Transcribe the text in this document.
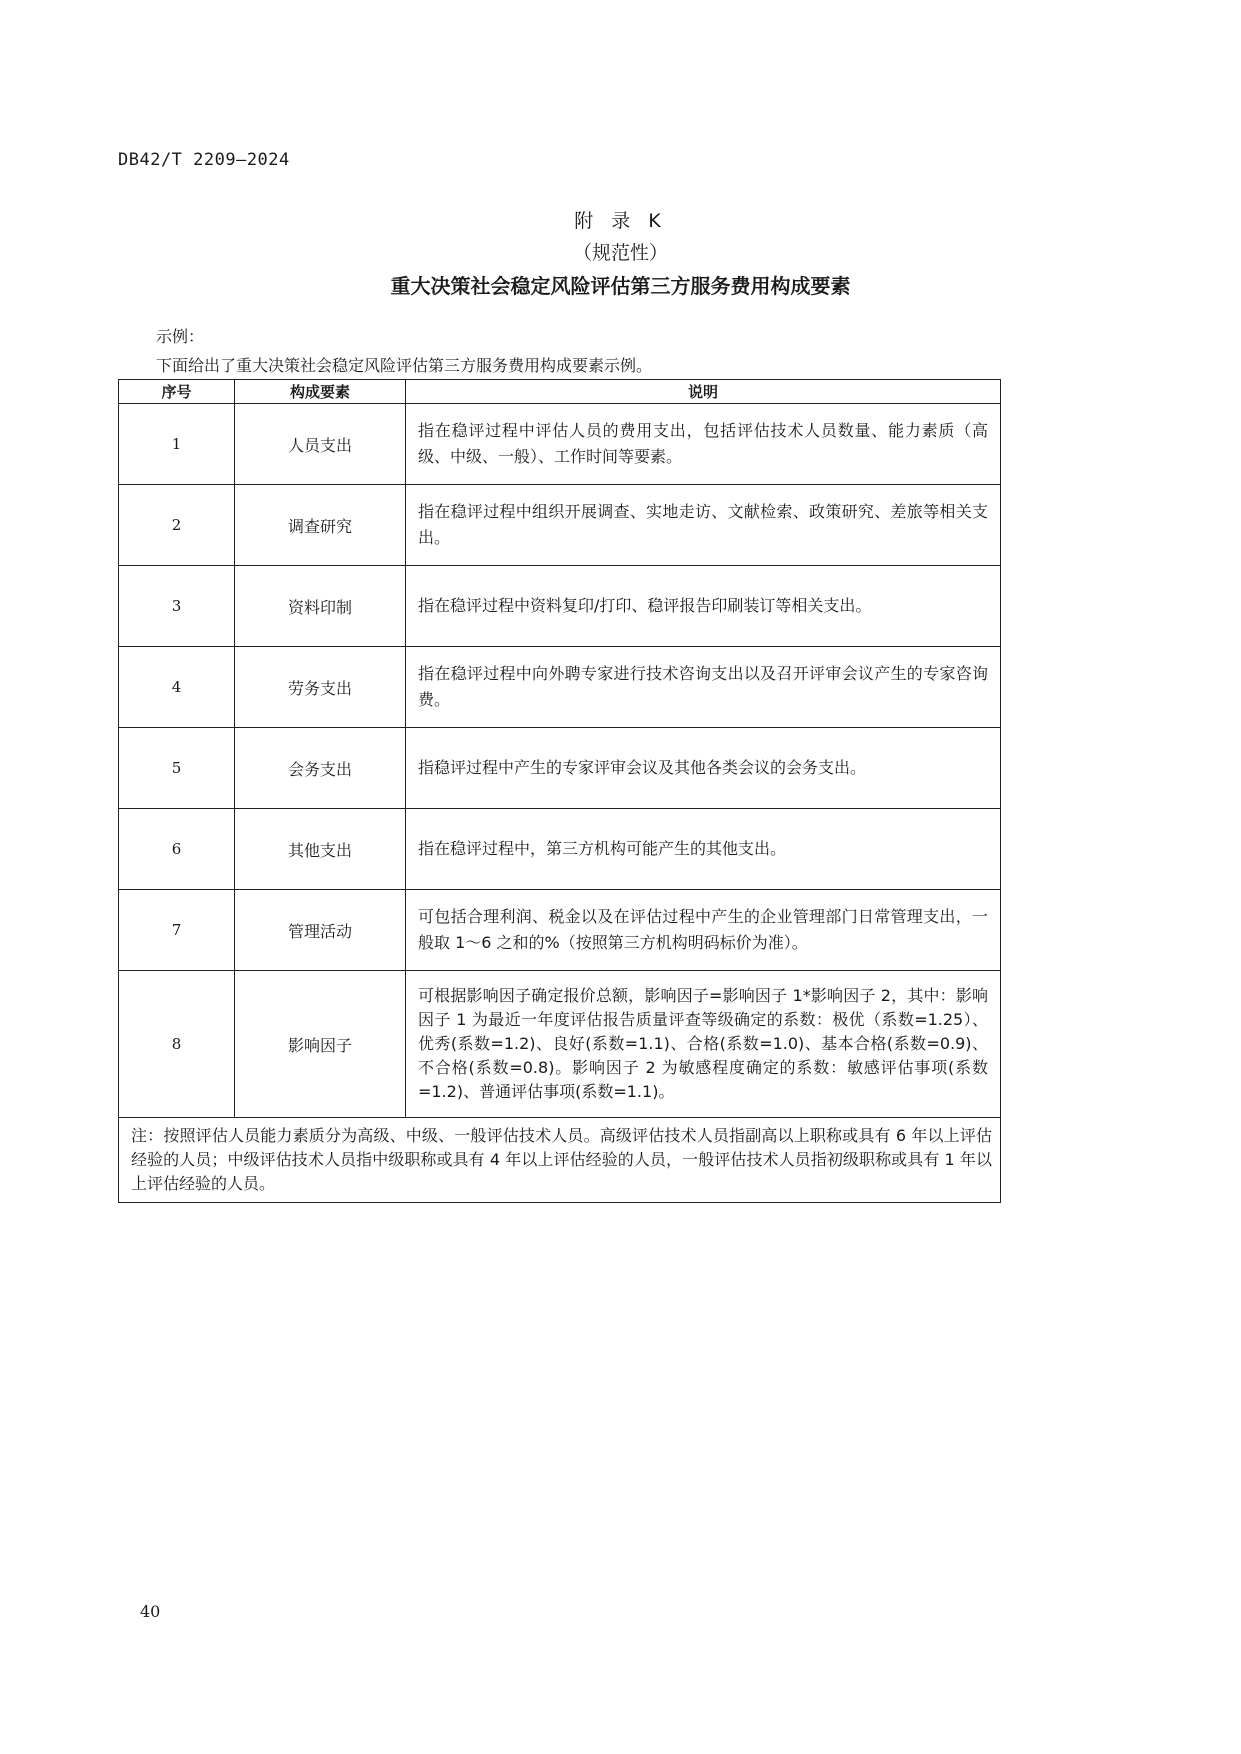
DB42/T 2209—2024
附 录 K
（规范性）
重大决策社会稳定风险评估第三方服务费用构成要素
示例：
下面给出了重大决策社会稳定风险评估第三方服务费用构成要素示例。
序号	构成要素	说明
1	人员支出	指在稳评过程中评估人员的费用支出，包括评估技术人员数量、能力素质（高级、中级、一般）、工作时间等要素。
2	调查研究	指在稳评过程中组织开展调查、实地走访、文献检索、政策研究、差旅等相关支出。
3	资料印制	指在稳评过程中资料复印/打印、稳评报告印刷装订等相关支出。
4	劳务支出	指在稳评过程中向外聘专家进行技术咨询支出以及召开评审会议产生的专家咨询费。
5	会务支出	指稳评过程中产生的专家评审会议及其他各类会议的会务支出。
6	其他支出	指在稳评过程中，第三方机构可能产生的其他支出。
7	管理活动	可包括合理利润、税金以及在评估过程中产生的企业管理部门日常管理支出，一般取 1～6 之和的%（按照第三方机构明码标价为准）。
8	影响因子	可根据影响因子确定报价总额，影响因子=影响因子 1*影响因子 2，其中：影响因子 1 为最近一年度评估报告质量评查等级确定的系数：极优（系数=1.25）、优秀(系数=1.2)、良好(系数=1.1)、合格(系数=1.0)、基本合格(系数=0.9)、不合格(系数=0.8)。影响因子 2 为敏感程度确定的系数：敏感评估事项(系数=1.2)、普通评估事项(系数=1.1)。
注：按照评估人员能力素质分为高级、中级、一般评估技术人员。高级评估技术人员指副高以上职称或具有 6 年以上评估经验的人员；中级评估技术人员指中级职称或具有 4 年以上评估经验的人员，一般评估技术人员指初级职称或具有 1 年以上评估经验的人员。		
40
